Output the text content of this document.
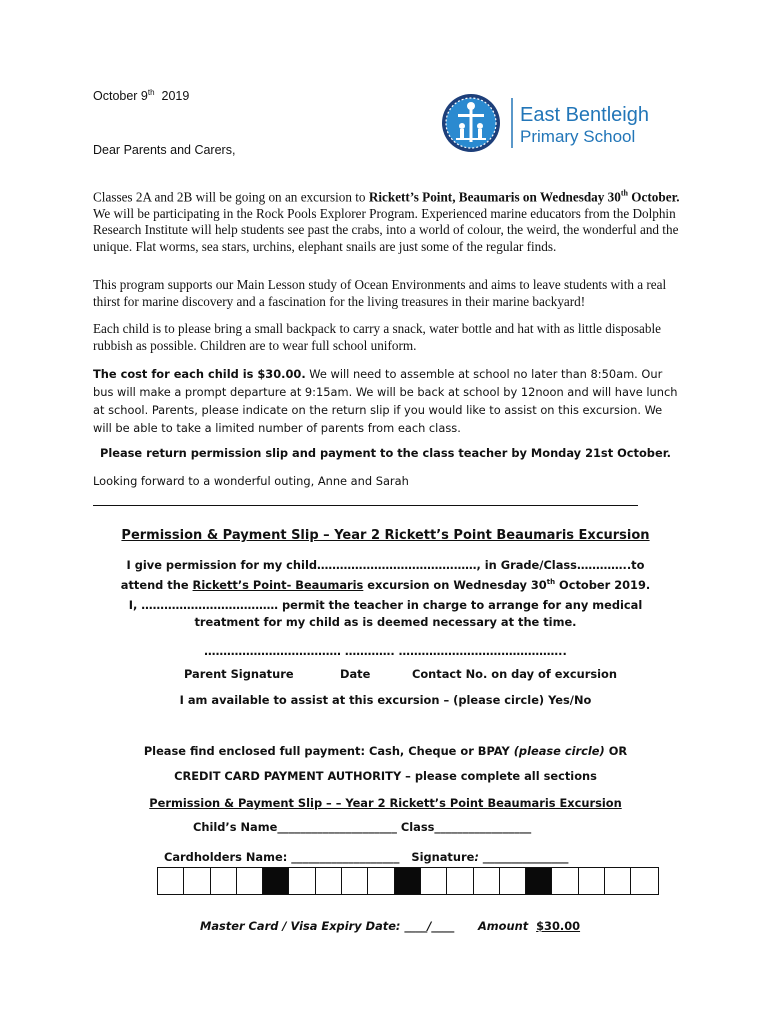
October 9th 2019
East Bentleigh
Primary School
Dear Parents and Carers,
Classes 2A and 2B will be going on an excursion to Rickett’s Point, Beaumaris on Wednesday 30th October. We will be participating in the Rock Pools Explorer Program. Experienced marine educators from the Dolphin Research Institute will help students see past the crabs, into a world of colour, the weird, the wonderful and the unique. Flat worms, sea stars, urchins, elephant snails are just some of the regular finds.
This program supports our Main Lesson study of Ocean Environments and aims to leave students with a real thirst for marine discovery and a fascination for the living treasures in their marine backyard!
Each child is to please bring a small backpack to carry a snack, water bottle and hat with as little disposable rubbish as possible. Children are to wear full school uniform.
The cost for each child is $30.00. We will need to assemble at school no later than 8:50am. Our bus will make a prompt departure at 9:15am. We will be back at school by 12noon and will have lunch at school. Parents, please indicate on the return slip if you would like to assist on this excursion. We will be able to take a limited number of parents from each class.
Please return permission slip and payment to the class teacher by Monday 21st October.
Looking forward to a wonderful outing, Anne and Sarah
Permission & Payment Slip – Year 2 Rickett’s Point Beaumaris Excursion
I give permission for my child……………………………………, in Grade/Class…………..to
attend the Rickett’s Point- Beaumaris excursion on Wednesday 30th October 2019.
I, ……………………………… permit the teacher in charge to arrange for any medical
treatment for my child as is deemed necessary at the time.
……………………………… …………. ……………………………………..
Parent Signature	Date	Contact No. on day of excursion
I am available to assist at this excursion – (please circle) Yes/No
Please find enclosed full payment: Cash, Cheque or BPAY (please circle) OR
CREDIT CARD PAYMENT AUTHORITY – please complete all sections
Permission & Payment Slip – – Year 2 Rickett’s Point Beaumaris Excursion
Child’s Name_____________________ Class_________________
Cardholders Name: ___________________ Signature: _______________
Master Card / Visa Expiry Date: ____/____ Amount $30.00
